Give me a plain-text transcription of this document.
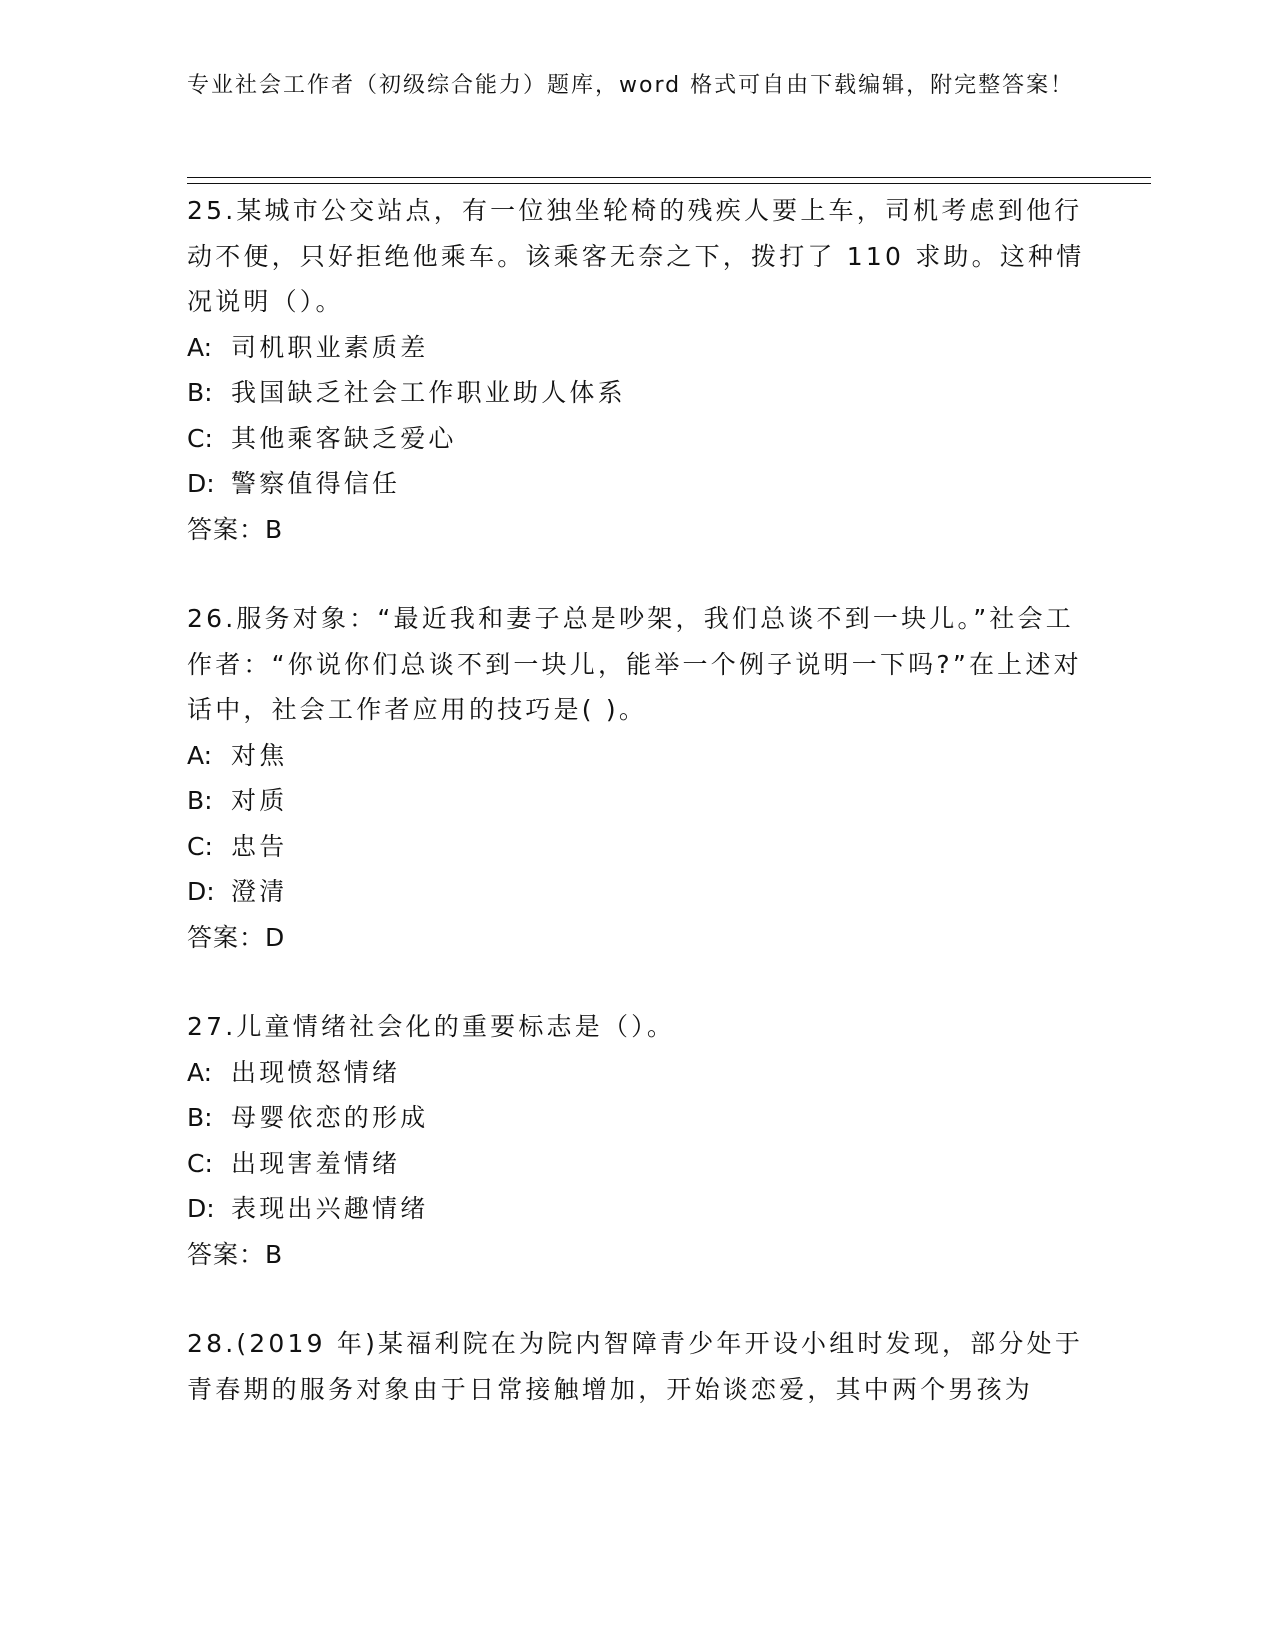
专业社会工作者（初级综合能力）题库，word 格式可自由下载编辑，附完整答案！
25.某城市公交站点，有一位独坐轮椅的残疾人要上车，司机考虑到他行动不便，只好拒绝他乘车。该乘客无奈之下，拨打了 110 求助。这种情况说明（）。
A: 司机职业素质差
B: 我国缺乏社会工作职业助人体系
C: 其他乘客缺乏爱心
D: 警察值得信任
答案：B
26.服务对象：“最近我和妻子总是吵架，我们总谈不到一块儿。”社会工作者：“你说你们总谈不到一块儿，能举一个例子说明一下吗?”在上述对话中，社会工作者应用的技巧是( )。
A: 对焦
B: 对质
C: 忠告
D: 澄清
答案：D
27.儿童情绪社会化的重要标志是（）。
A: 出现愤怒情绪
B: 母婴依恋的形成
C: 出现害羞情绪
D: 表现出兴趣情绪
答案：B
28.(2019 年)某福利院在为院内智障青少年开设小组时发现，部分处于青春期的服务对象由于日常接触增加，开始谈恋爱，其中两个男孩为
